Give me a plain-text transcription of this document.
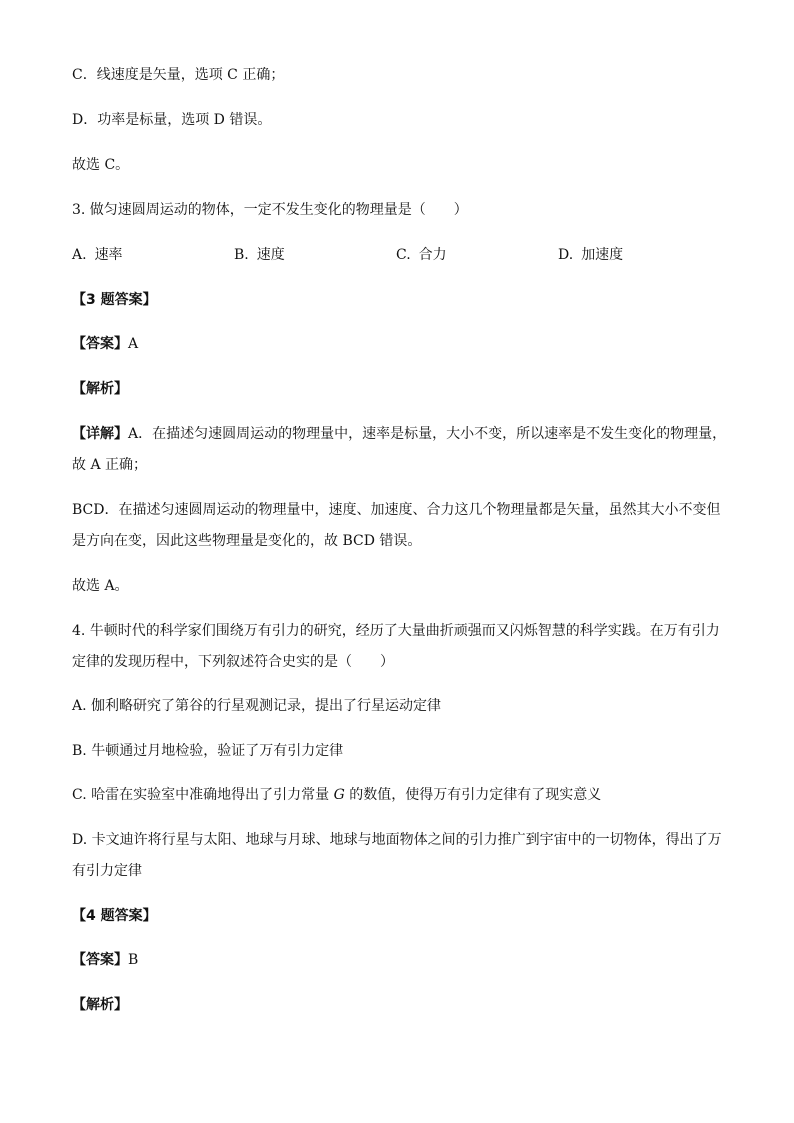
C．线速度是矢量，选项 C 正确；
D．功率是标量，选项 D 错误。
故选 C。
3. 做匀速圆周运动的物体，一定不发生变化的物理量是（　　）
A. 速率	B. 速度	C. 合力	D. 加速度
【3 题答案】
【答案】A
【解析】
【详解】A．在描述匀速圆周运动的物理量中，速率是标量，大小不变，所以速率是不发生变化的物理量，
故 A 正确；
BCD．在描述匀速圆周运动的物理量中，速度、加速度、合力这几个物理量都是矢量，虽然其大小不变但
是方向在变，因此这些物理量是变化的，故 BCD 错误。
故选 A。
4. 牛顿时代的科学家们围绕万有引力的研究，经历了大量曲折顽强而又闪烁智慧的科学实践。在万有引力
定律的发现历程中，下列叙述符合史实的是（　　）
A. 伽利略研究了第谷的行星观测记录，提出了行星运动定律
B. 牛顿通过月地检验，验证了万有引力定律
C. 哈雷在实验室中准确地得出了引力常量 G 的数值，使得万有引力定律有了现实意义
D. 卡文迪许将行星与太阳、地球与月球、地球与地面物体之间的引力推广到宇宙中的一切物体，得出了万
有引力定律
【4 题答案】
【答案】B
【解析】
